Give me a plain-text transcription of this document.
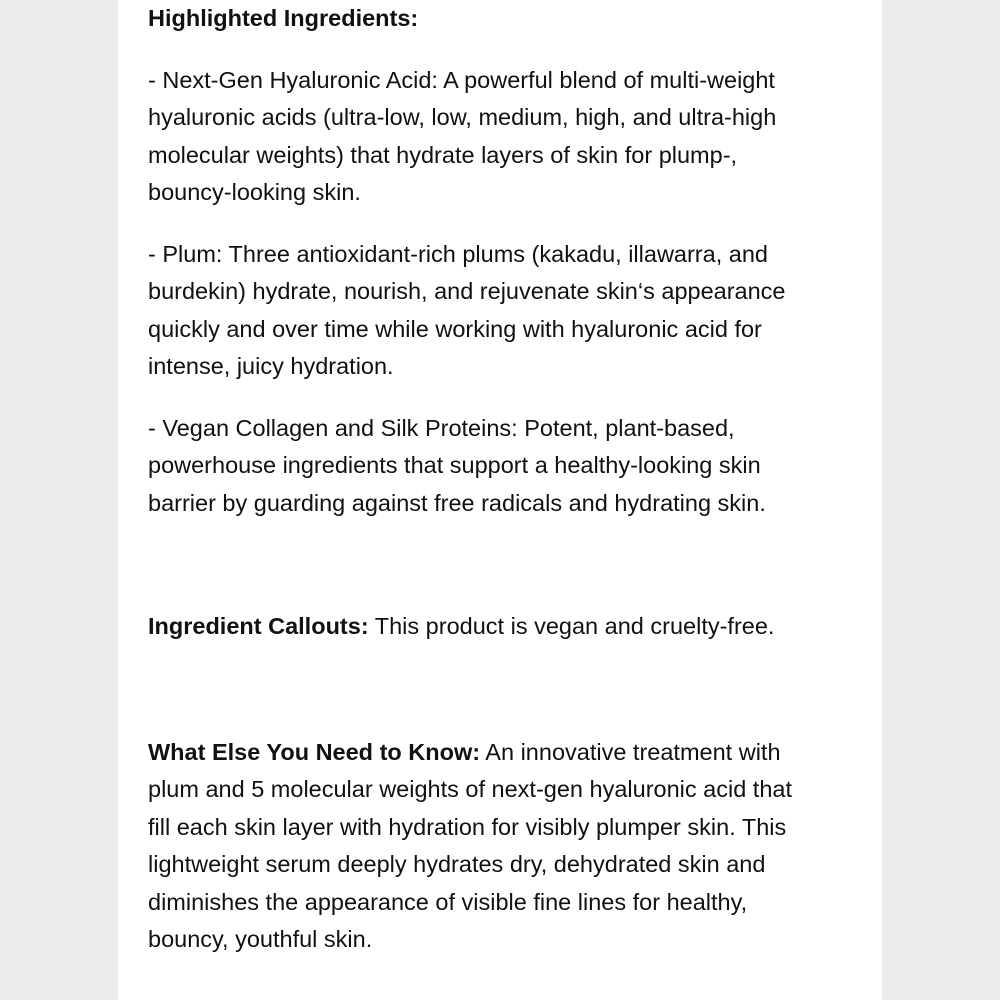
Highlighted Ingredients:

- Next-Gen Hyaluronic Acid: A powerful blend of multi-weight
hyaluronic acids (ultra-low, low, medium, high, and ultra-high
molecular weights) that hydrate layers of skin for plump-,
bouncy-looking skin.

- Plum: Three antioxidant-rich plums (kakadu, illawarra, and
burdekin) hydrate, nourish, and rejuvenate skin‘s appearance
quickly and over time while working with hyaluronic acid for
intense, juicy hydration.

- Vegan Collagen and Silk Proteins: Potent, plant-based,
powerhouse ingredients that support a healthy-looking skin
barrier by guarding against free radicals and hydrating skin.

Ingredient Callouts: This product is vegan and cruelty-free.

What Else You Need to Know: An innovative treatment with
plum and 5 molecular weights of next-gen hyaluronic acid that
fill each skin layer with hydration for visibly plumper skin. This
lightweight serum deeply hydrates dry, dehydrated skin and
diminishes the appearance of visible fine lines for healthy,
bouncy, youthful skin.
